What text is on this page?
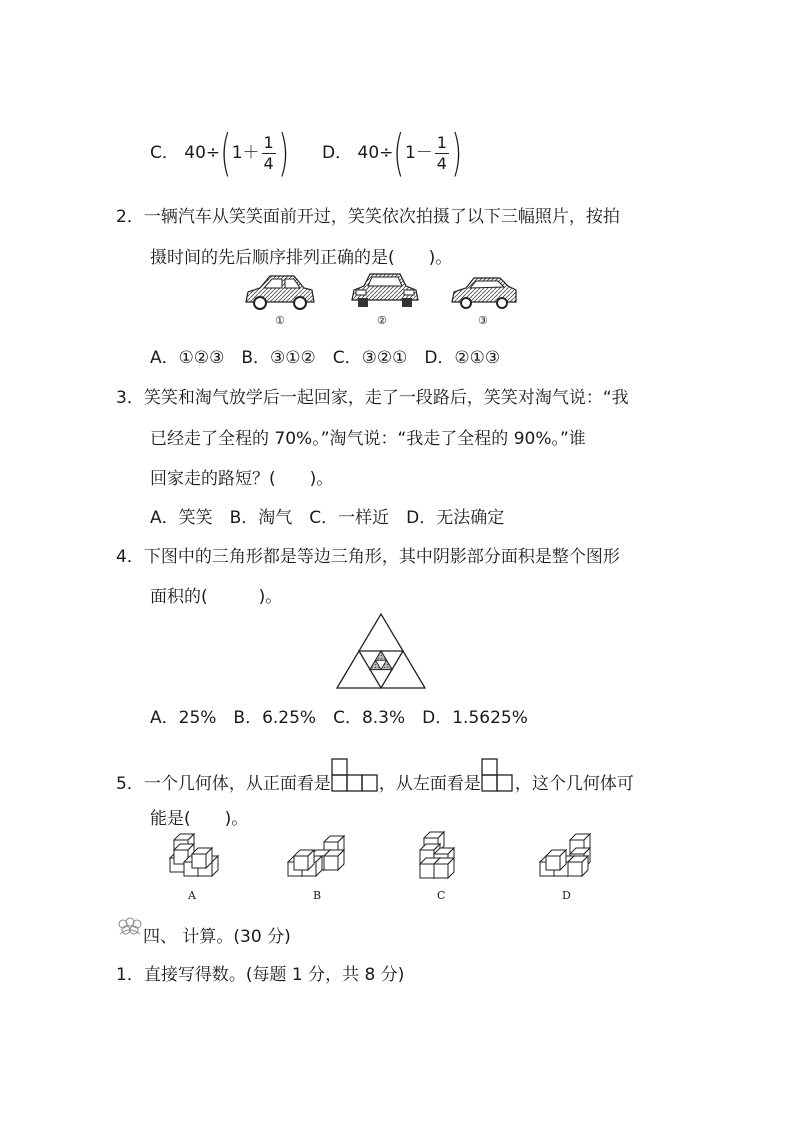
C． $40\div(1+ \frac{1}{4}$ ) D． $40\div(1- \frac{1}{4}$ )
2．一辆汽车从笑笑面前开过，笑笑依次拍摄了以下三幅照片，按拍
摄时间的先后顺序排列正确的是(　　)。
①	②	③
A．①②③　B．③①②　C．③②①　D．②①③
3．笑笑和淘气放学后一起回家，走了一段路后，笑笑对淘气说：“我
已经走了全程的 70%。”淘气说：“我走了全程的 90%。”谁
回家走的路短？(　　)。
A．笑笑　B．淘气　C．一样近　D．无法确定
4．下图中的三角形都是等边三角形，其中阴影部分面积是整个图形
面积的(　　　)。
A．25%　B．6.25%　C．8.3%　D．1.5625%
5．一个几何体，从正面看是	，从左面看是 ，这个几何体可
能是(　　)。
A	B	C	D
四、 计算。(30 分)
1．直接写得数。(每题 1 分，共 8 分)
